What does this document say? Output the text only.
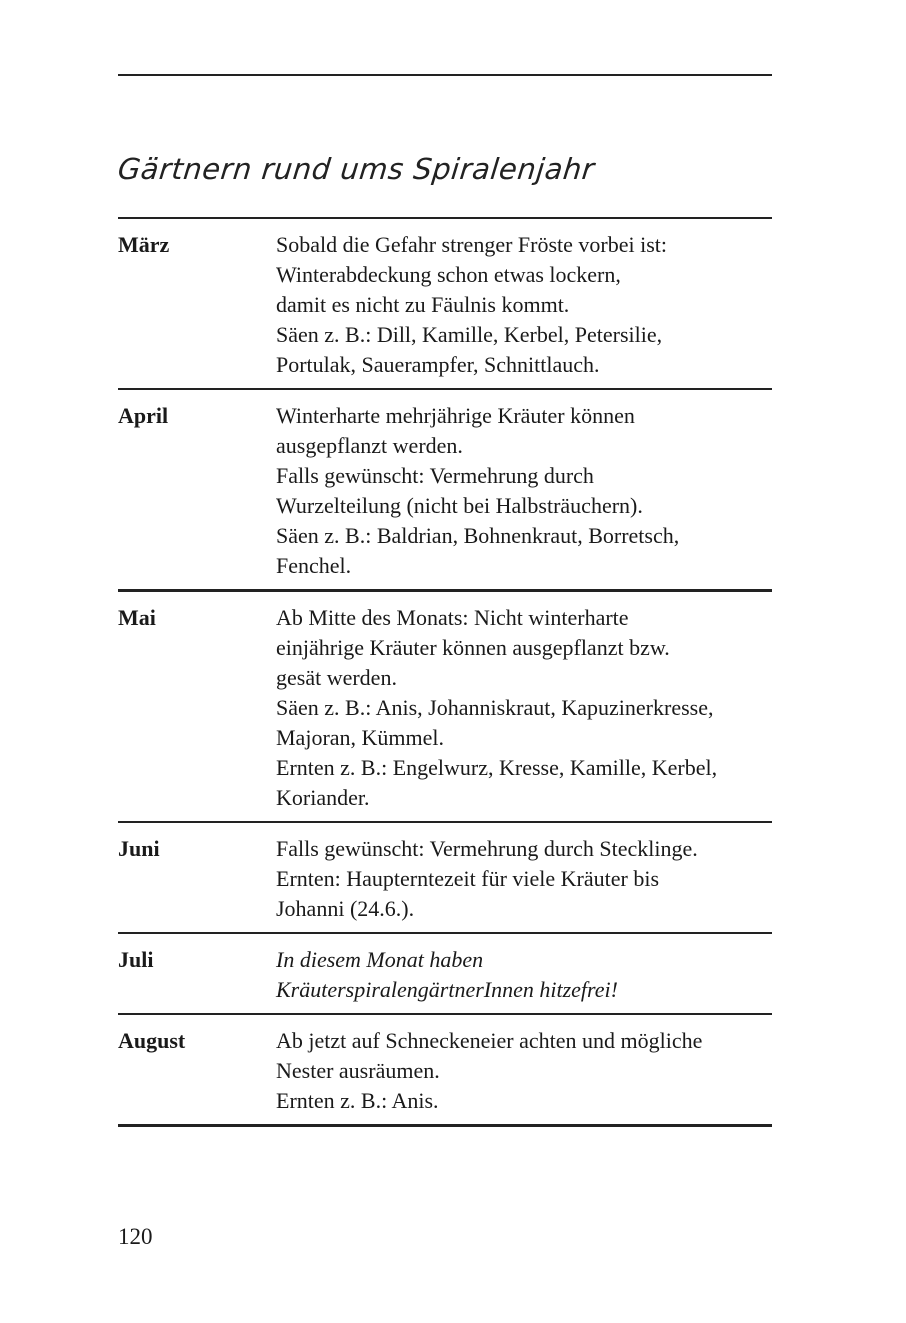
Gärtnern rund ums Spiralenjahr
März	Sobald die Gefahr strenger Fröste vorbei ist:
Winterabdeckung schon etwas lockern,
damit es nicht zu Fäulnis kommt.
Säen z. B.: Dill, Kamille, Kerbel, Petersilie,
Portulak, Sauerampfer, Schnittlauch.
April	Winterharte mehrjährige Kräuter können
ausgepflanzt werden.
Falls gewünscht: Vermehrung durch
Wurzelteilung (nicht bei Halbsträuchern).
Säen z. B.: Baldrian, Bohnenkraut, Borretsch,
Fenchel.
Mai	Ab Mitte des Monats: Nicht winterharte
einjährige Kräuter können ausgepflanzt bzw.
gesät werden.
Säen z. B.: Anis, Johanniskraut, Kapuzinerkresse,
Majoran, Kümmel.
Ernten z. B.: Engelwurz, Kresse, Kamille, Kerbel,
Koriander.
Juni	Falls gewünscht: Vermehrung durch Stecklinge.
Ernten: Haupterntezeit für viele Kräuter bis
Johanni (24.6.).
Juli	In diesem Monat haben
KräuterspiralengärtnerInnen hitzefrei!
August	Ab jetzt auf Schneckeneier achten und mögliche
Nester ausräumen.
Ernten z. B.: Anis.
120
